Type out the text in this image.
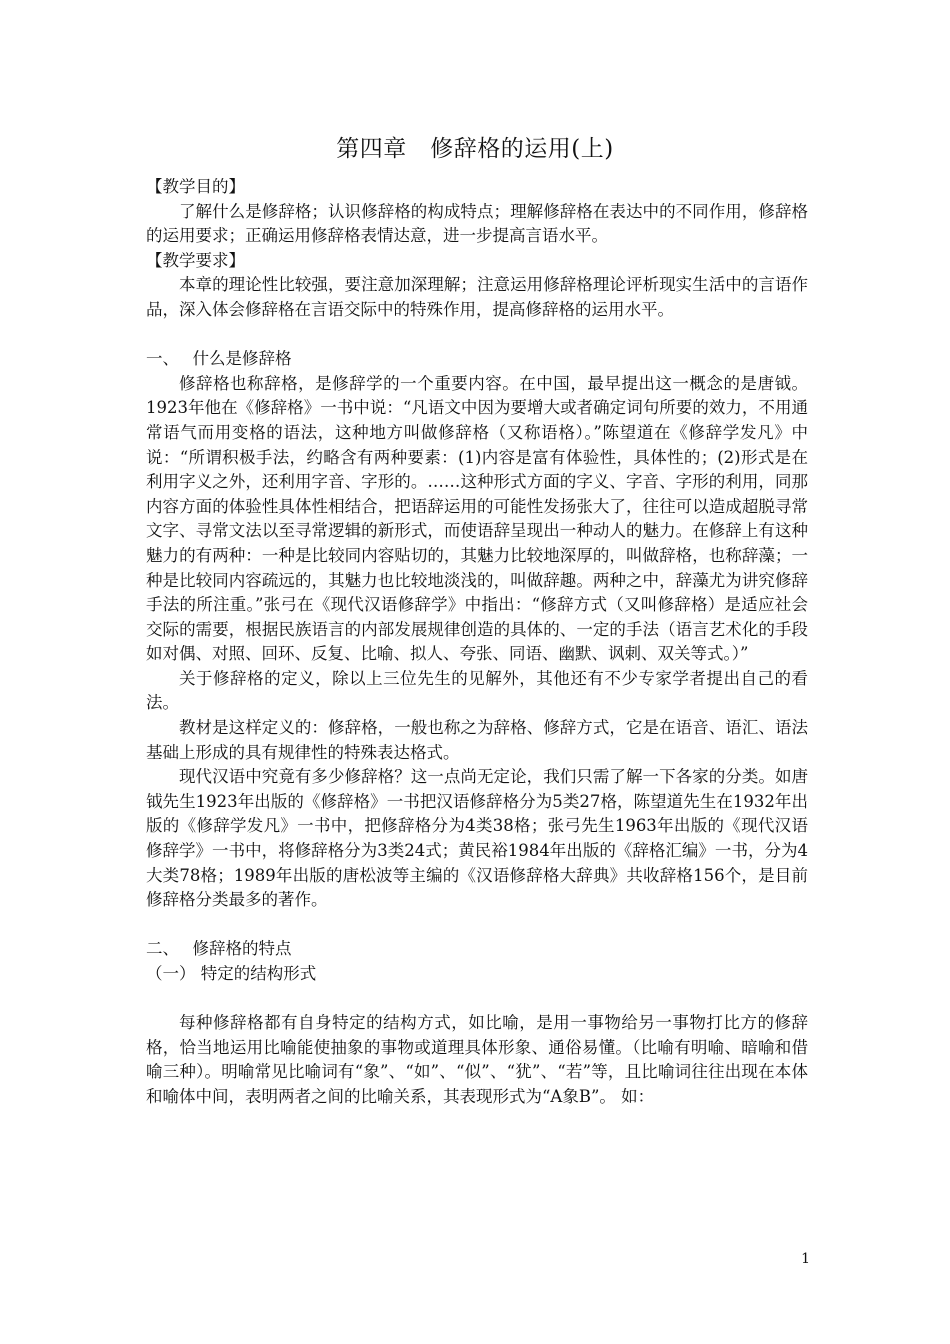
第四章　修辞格的运用(上)

【教学目的】

了解什么是修辞格；认识修辞格的构成特点；理解修辞格在表达中的不同作用，修辞格的运用要求；正确运用修辞格表情达意，进一步提高言语水平。

【教学要求】

本章的理论性比较强，要注意加深理解；注意运用修辞格理论评析现实生活中的言语作品，深入体会修辞格在言语交际中的特殊作用，提高修辞格的运用水平。

一、　 什么是修辞格

修辞格也称辞格，是修辞学的一个重要内容。在中国，最早提出这一概念的是唐钺。1923年他在《修辞格》一书中说：“凡语文中因为要增大或者确定词句所要的效力，不用通常语气而用变格的语法，这种地方叫做修辞格（又称语格）。”陈望道在《修辞学发凡》中说：“所谓积极手法，约略含有两种要素：(1)内容是富有体验性，具体性的；(2)形式是在利用字义之外，还利用字音、字形的。……这种形式方面的字义、字音、字形的利用，同那内容方面的体验性具体性相结合，把语辞运用的可能性发扬张大了，往往可以造成超脱寻常文字、寻常文法以至寻常逻辑的新形式，而使语辞呈现出一种动人的魅力。在修辞上有这种魅力的有两种：一种是比较同内容贴切的，其魅力比较地深厚的，叫做辞格，也称辞藻；一种是比较同内容疏远的，其魅力也比较地淡浅的，叫做辞趣。两种之中，辞藻尤为讲究修辞手法的所注重。”张弓在《现代汉语修辞学》中指出：“修辞方式（又叫修辞格）是适应社会交际的需要，根据民族语言的内部发展规律创造的具体的、一定的手法（语言艺术化的手段如对偶、对照、回环、反复、比喻、拟人、夸张、同语、幽默、讽刺、双关等式。）”

关于修辞格的定义，除以上三位先生的见解外，其他还有不少专家学者提出自己的看法。

教材是这样定义的：修辞格，一般也称之为辞格、修辞方式，它是在语音、语汇、语法基础上形成的具有规律性的特殊表达格式。

现代汉语中究竟有多少修辞格？这一点尚无定论，我们只需了解一下各家的分类。如唐钺先生1923年出版的《修辞格》一书把汉语修辞格分为5类27格，陈望道先生在1932年出版的《修辞学发凡》一书中，把修辞格分为4类38格；张弓先生1963年出版的《现代汉语修辞学》一书中，将修辞格分为3类24式；黄民裕1984年出版的《辞格汇编》一书，分为4大类78格；1989年出版的唐松波等主编的《汉语修辞格大辞典》共收辞格156个，是目前修辞格分类最多的著作。

二、　 修辞格的特点

（一） 特定的结构形式

每种修辞格都有自身特定的结构方式，如比喻，是用一事物给另一事物打比方的修辞格，恰当地运用比喻能使抽象的事物或道理具体形象、通俗易懂。（比喻有明喻、暗喻和借喻三种）。明喻常见比喻词有“象”、“如”、“似”、“犹”、“若”等，且比喻词往往出现在本体和喻体中间，表明两者之间的比喻关系，其表现形式为“A象B”。 如：

1
